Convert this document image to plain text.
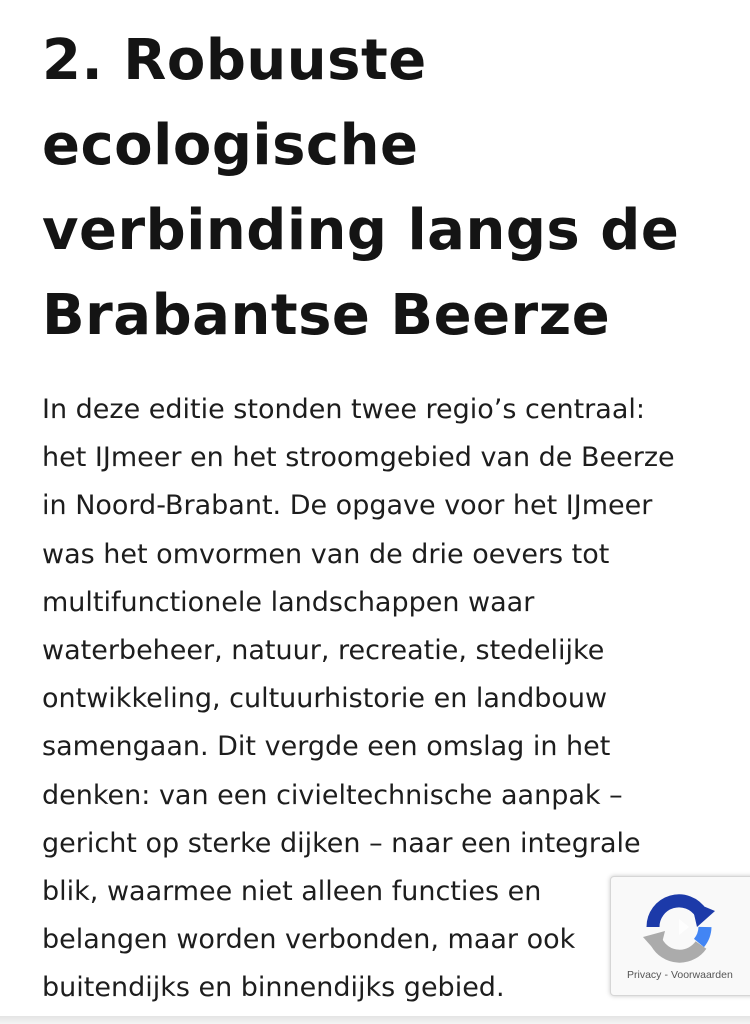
2. Robuuste
ecologische
verbinding langs de
Brabantse Beerze

In deze editie stonden twee regio’s centraal:
het IJmeer en het stroomgebied van de Beerze
in Noord-Brabant. De opgave voor het IJmeer
was het omvormen van de drie oevers tot
multifunctionele landschappen waar
waterbeheer, natuur, recreatie, stedelijke
ontwikkeling, cultuurhistorie en landbouw
samengaan. Dit vergde een omslag in het
denken: van een civieltechnische aanpak –
gericht op sterke dijken – naar een integrale
blik, waarmee niet alleen functies en
belangen worden verbonden, maar ook
buitendijks en binnendijks gebied.	Privacy - Voorwaarden
